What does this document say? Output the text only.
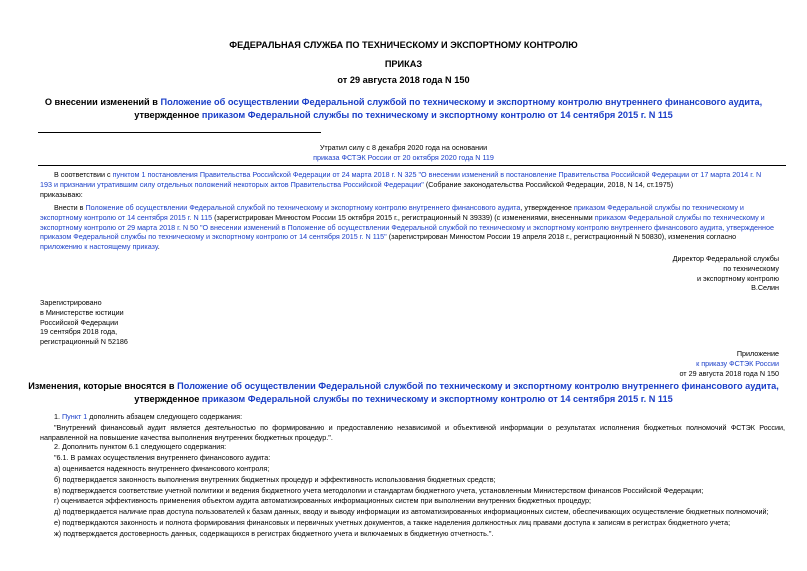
ФЕДЕРАЛЬНАЯ СЛУЖБА ПО ТЕХНИЧЕСКОМУ И ЭКСПОРТНОМУ КОНТРОЛЮ
ПРИКАЗ
от 29 августа 2018 года N 150
О внесении изменений в Положение об осуществлении Федеральной службой по техническому и экспортному контролю внутреннего финансового аудита,
утвержденное приказом Федеральной службы по техническому и экспортному контролю от 14 сентября 2015 г. N 115
Утратил силу с 8 декабря 2020 года на основании
приказа ФСТЭК России от 20 октября 2020 года N 119
В соответствии с пунктом 1 постановления Правительства Российской Федерации от 24 марта 2018 г. N 325 "О внесении изменений в постановление Правительства Российской Федерации от 17 марта 2014 г. N
193 и признании утратившим силу отдельных положений некоторых актов Правительства Российской Федерации" (Собрание законодательства Российской Федерации, 2018, N 14, ст.1975)
приказываю:
Внести в Положение об осуществлении Федеральной службой по техническому и экспортному контролю внутреннего финансового аудита, утвержденное приказом Федеральной службы по техническому и
экспортному контролю от 14 сентября 2015 г. N 115 (зарегистрирован Минюстом России 15 октября 2015 г., регистрационный N 39339) (с изменениями, внесенными приказом Федеральной службы по техническому и
экспортному контролю от 29 марта 2018 г. N 50 "О внесении изменений в Положение об осуществлении Федеральной службой по техническому и экспортному контролю внутреннего финансового аудита, утвержденное
приказом Федеральной службы по техническому и экспортному контролю от 14 сентября 2015 г. N 115" (зарегистрирован Минюстом России 19 апреля 2018 г., регистрационный N 50830), изменения согласно
приложению к настоящему приказу.
Директор Федеральной службы
по техническому
и экспортному контролю
В.Селин
Зарегистрировано
в Министерстве юстиции
Российской Федерации
19 сентября 2018 года,
регистрационный N 52186
Приложение
к приказу ФСТЭК России
от 29 августа 2018 года N 150
Изменения, которые вносятся в Положение об осуществлении Федеральной службой по техническому и экспортному контролю внутреннего финансового аудита,
утвержденное приказом Федеральной службы по техническому и экспортному контролю от 14 сентября 2015 г. N 115
1. Пункт 1 дополнить абзацем следующего содержания:
"Внутренний финансовый аудит является деятельностью по формированию и предоставлению независимой и объективной информации о результатах исполнения бюджетных полномочий ФСТЭК России, направленной на повышение качества выполнения внутренних бюджетных процедур.".
2. Дополнить пунктом 6.1 следующего содержания:
"6.1. В рамках осуществления внутреннего финансового аудита:
а) оценивается надежность внутреннего финансового контроля;
б) подтверждается законность выполнения внутренних бюджетных процедур и эффективность использования бюджетных средств;
в) подтверждается соответствие учетной политики и ведения бюджетного учета методологии и стандартам бюджетного учета, установленным Министерством финансов Российской Федерации;
г) оценивается эффективность применения объектом аудита автоматизированных информационных систем при выполнении внутренних бюджетных процедур;
д) подтверждается наличие прав доступа пользователей к базам данных, вводу и выводу информации из автоматизированных информационных систем, обеспечивающих осуществление бюджетных полномочий;
е) подтверждаются законность и полнота формирования финансовых и первичных учетных документов, а также наделения должностных лиц правами доступа к записям в регистрах бюджетного учета;
ж) подтверждается достоверность данных, содержащихся в регистрах бюджетного учета и включаемых в бюджетную отчетность.".
